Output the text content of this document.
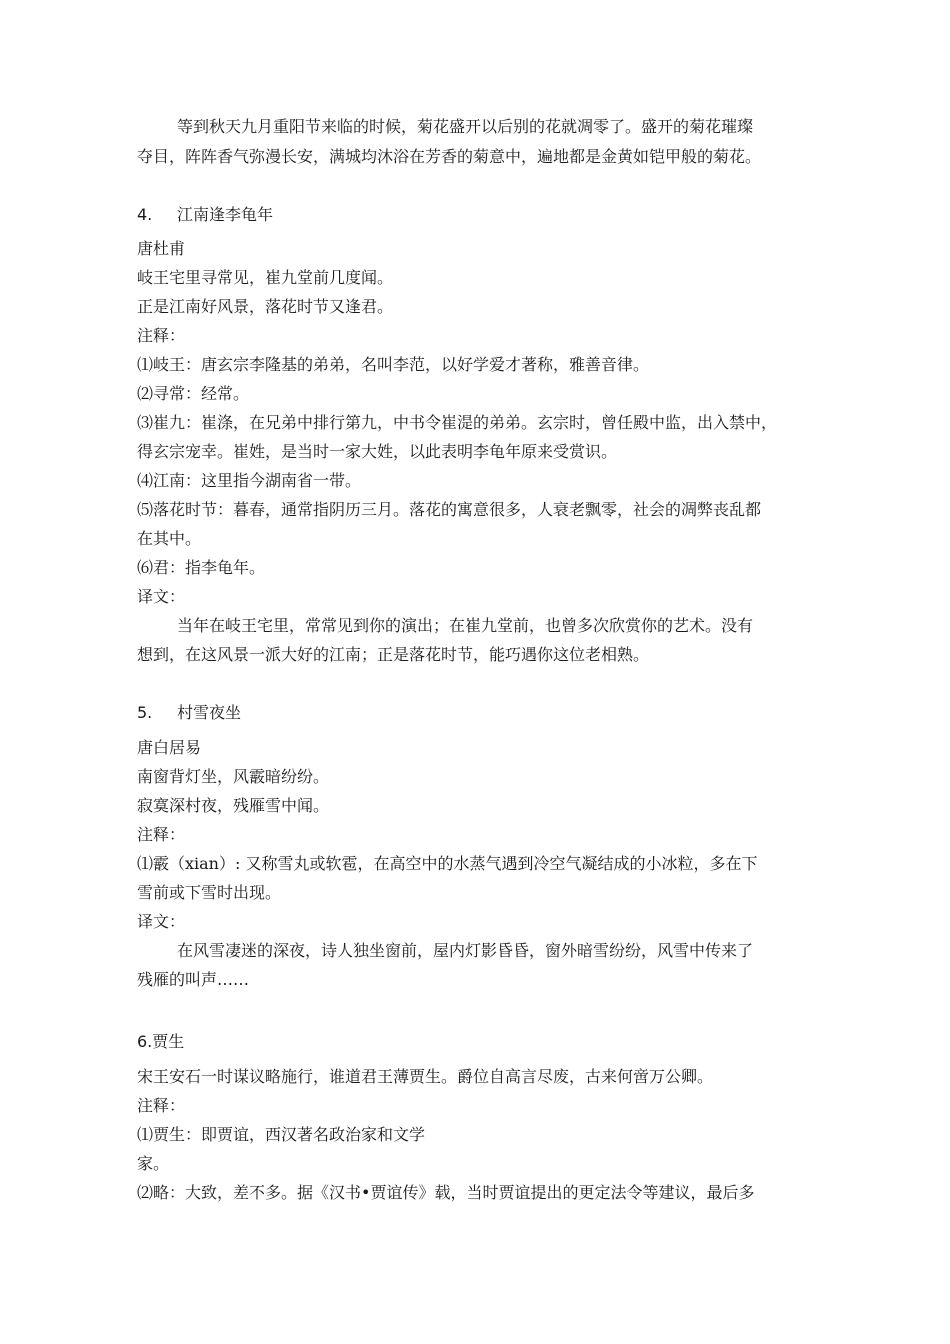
等到秋天九月重阳节来临的时候，菊花盛开以后别的花就凋零了。盛开的菊花璀璨
夺目，阵阵香气弥漫长安，满城均沐浴在芳香的菊意中，遍地都是金黄如铠甲般的菊花。
4. 江南逢李龟年
唐杜甫
岐王宅里寻常见，崔九堂前几度闻。
正是江南好风景，落花时节又逢君。
注释：
⑴岐王：唐玄宗李隆基的弟弟，名叫李范，以好学爱才著称，雅善音律。
⑵寻常：经常。
⑶崔九：崔涤，在兄弟中排行第九，中书令崔湜的弟弟。玄宗时，曾任殿中监，出入禁中，
得玄宗宠幸。崔姓，是当时一家大姓，以此表明李龟年原来受赏识。
⑷江南：这里指今湖南省一带。
⑸落花时节：暮春，通常指阴历三月。落花的寓意很多，人衰老飘零，社会的凋弊丧乱都
在其中。
⑹君：指李龟年。
译文：
当年在岐王宅里，常常见到你的演出；在崔九堂前，也曾多次欣赏你的艺术。没有
想到，在这风景一派大好的江南；正是落花时节，能巧遇你这位老相熟。
5. 村雪夜坐
唐白居易
南窗背灯坐，风霰暗纷纷。
寂寞深村夜，残雁雪中闻。
注释：
⑴霰（xian）: 又称雪丸或软雹，在高空中的水蒸气遇到冷空气凝结成的小冰粒，多在下
雪前或下雪时出现。
译文：
在风雪凄迷的深夜，诗人独坐窗前，屋内灯影昏昏，窗外暗雪纷纷，风雪中传来了
残雁的叫声……
6.贾生
宋王安石一时谋议略施行，谁道君王薄贾生。爵位自高言尽废，古来何啻万公卿。
注释：
⑴贾生：即贾谊，西汉著名政治家和文学
家。
⑵略：大致，差不多。据《汉书•贾谊传》载，当时贾谊提出的更定法令等建议，最后多
